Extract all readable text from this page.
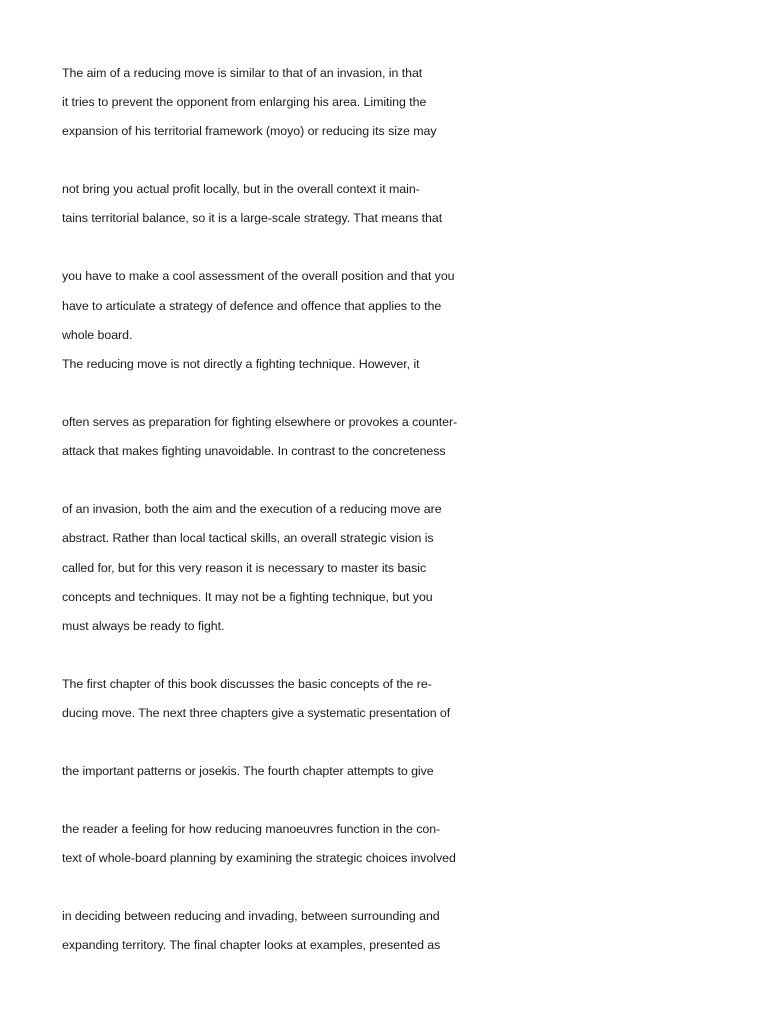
The aim of a reducing move is similar to that of an invasion, in that
it tries to prevent the opponent from enlarging his area. Limiting the
expansion of his territorial framework (moyo) or reducing its size may
not bring you actual profit locally, but in the overall context it main-
tains territorial balance, so it is a large-scale strategy. That means that
you have to make a cool assessment of the overall position and that you
have to articulate a strategy of defence and offence that applies to the
whole board.
The reducing move is not directly a fighting technique. However, it
often serves as preparation for fighting elsewhere or provokes a counter-
attack that makes fighting unavoidable. In contrast to the concreteness
of an invasion, both the aim and the execution of a reducing move are
abstract. Rather than local tactical skills, an overall strategic vision is
called for, but for this very reason it is necessary to master its basic
concepts and techniques. It may not be a fighting technique, but you
must always be ready to fight.
The first chapter of this book discusses the basic concepts of the re-
ducing move. The next three chapters give a systematic presentation of
the important patterns or josekis. The fourth chapter attempts to give
the reader a feeling for how reducing manoeuvres function in the con-
text of whole-board planning by examining the strategic choices involved
in deciding between reducing and invading, between surrounding and
expanding territory. The final chapter looks at examples, presented as
